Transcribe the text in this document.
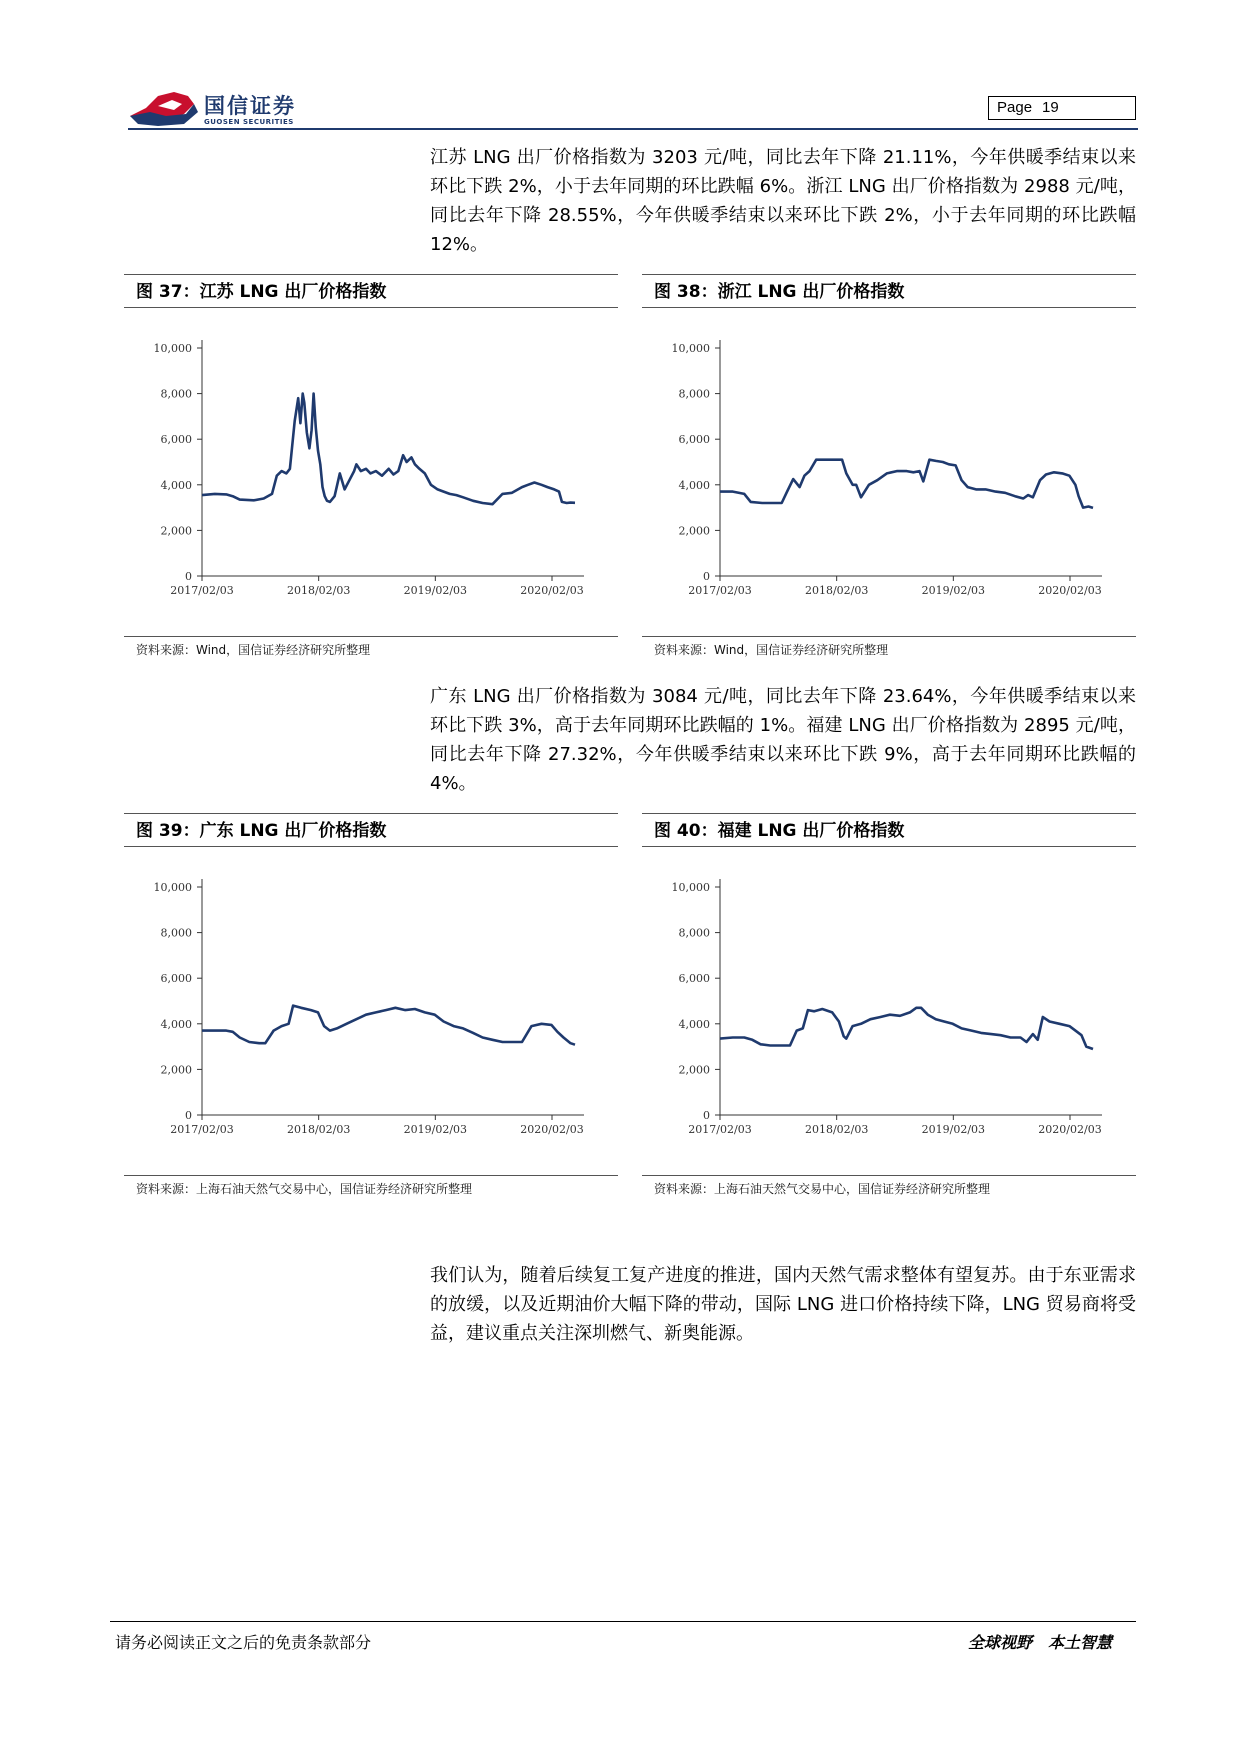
国信证券
GUOSEN SECURITIES
Page 19
江苏 LNG 出厂价格指数为 3203 元/吨，同比去年下降 21.11%，今年供暖季结束以来环比下跌 2%，小于去年同期的环比跌幅 6%。浙江 LNG 出厂价格指数为 2988 元/吨，同比去年下降 28.55%，今年供暖季结束以来环比下跌 2%，小于去年同期的环比跌幅 12%。
图 37：江苏 LNG 出厂价格指数
0
2,000
4,000
6,000
8,000
10,000
2017/02/03	2018/02/03	2019/02/03	2020/02/03
资料来源：Wind，国信证券经济研究所整理
图 38：浙江 LNG 出厂价格指数
0
2,000
4,000
6,000
8,000
10,000
2017/02/03	2018/02/03	2019/02/03	2020/02/03
资料来源：Wind，国信证券经济研究所整理
广东 LNG 出厂价格指数为 3084 元/吨，同比去年下降 23.64%，今年供暖季结束以来环比下跌 3%，高于去年同期环比跌幅的 1%。福建 LNG 出厂价格指数为 2895 元/吨，同比去年下降 27.32%，今年供暖季结束以来环比下跌 9%，高于去年同期环比跌幅的 4%。
图 39：广东 LNG 出厂价格指数
0
2,000
4,000
6,000
8,000
10,000
2017/02/03	2018/02/03	2019/02/03	2020/02/03
资料来源：上海石油天然气交易中心，国信证券经济研究所整理
图 40：福建 LNG 出厂价格指数
0
2,000
4,000
6,000
8,000
10,000
2017/02/03	2018/02/03	2019/02/03	2020/02/03
资料来源：上海石油天然气交易中心，国信证券经济研究所整理
我们认为，随着后续复工复产进度的推进，国内天然气需求整体有望复苏。由于东亚需求的放缓，以及近期油价大幅下降的带动，国际 LNG 进口价格持续下降，LNG 贸易商将受益，建议重点关注深圳燃气、新奥能源。
请务必阅读正文之后的免责条款部分	全球视野　本土智慧
